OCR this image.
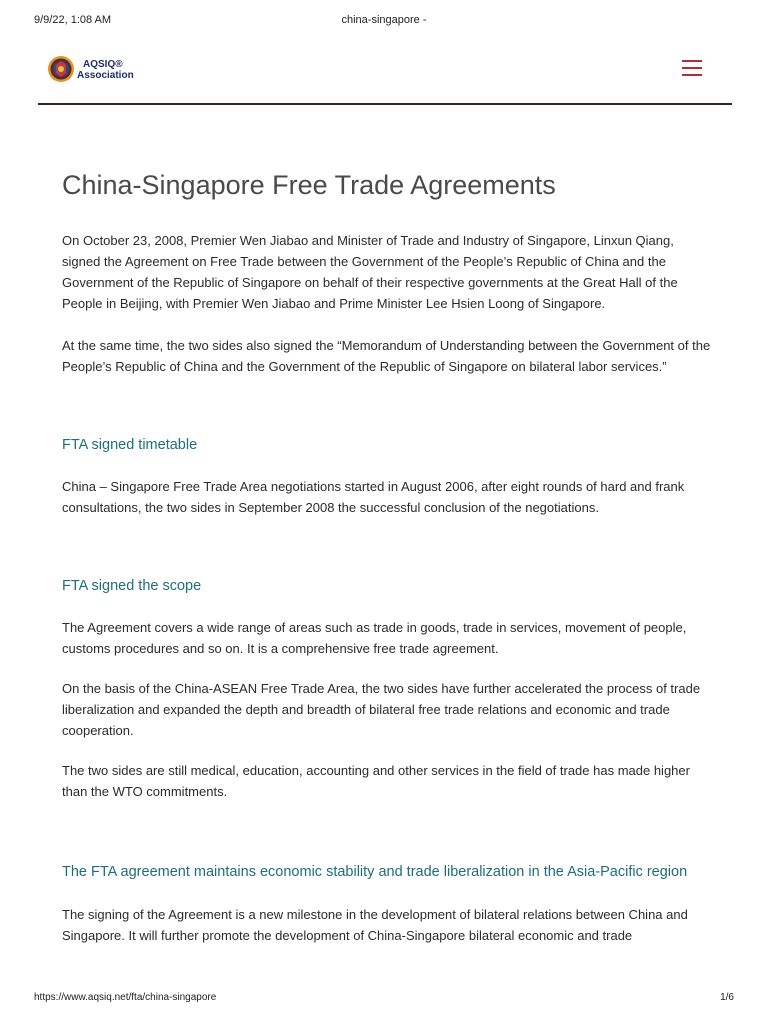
9/9/22, 1:08 AM	china-singapore -
AQSIQ®
Association
China-Singapore Free Trade Agreements

On October 23, 2008, Premier Wen Jiabao and Minister of Trade and Industry of Singapore, Linxun Qiang, signed the Agreement on Free Trade between the Government of the People’s Republic of China and the Government of the Republic of Singapore on behalf of their respective governments at the Great Hall of the People in Beijing, with Premier Wen Jiabao and Prime Minister Lee Hsien Loong of Singapore.

At the same time, the two sides also signed the “Memorandum of Understanding between the Government of the People’s Republic of China and the Government of the Republic of Singapore on bilateral labor services.”

FTA signed timetable

China – Singapore Free Trade Area negotiations started in August 2006, after eight rounds of hard and frank consultations, the two sides in September 2008 the successful conclusion of the negotiations.

FTA signed the scope

The Agreement covers a wide range of areas such as trade in goods, trade in services, movement of people, customs procedures and so on. It is a comprehensive free trade agreement.

On the basis of the China-ASEAN Free Trade Area, the two sides have further accelerated the process of trade liberalization and expanded the depth and breadth of bilateral free trade relations and economic and trade cooperation.

The two sides are still medical, education, accounting and other services in the field of trade has made higher than the WTO commitments.

The FTA agreement maintains economic stability and trade liberalization in the Asia-Pacific region

The signing of the Agreement is a new milestone in the development of bilateral relations between China and Singapore. It will further promote the development of China-Singapore bilateral economic and trade

https://www.aqsiq.net/fta/china-singapore	1/6
